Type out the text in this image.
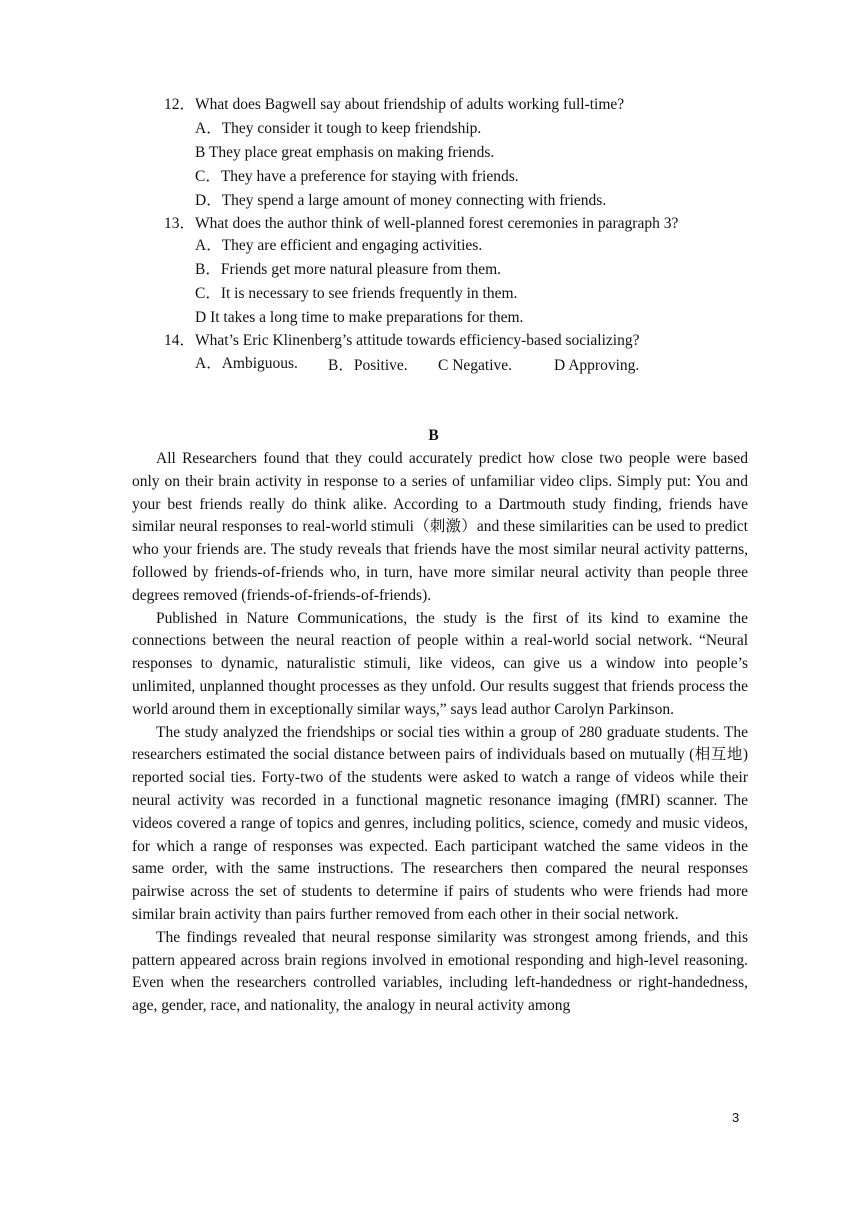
12．What does Bagwell say about friendship of adults working full-time?
A．They consider it tough to keep friendship.
B They place great emphasis on making friends.
C．They have a preference for staying with friends.
D．They spend a large amount of money connecting with friends.
13．What does the author think of well-planned forest ceremonies in paragraph 3?
A．They are efficient and engaging activities.
B．Friends get more natural pleasure from them.
C．It is necessary to see friends frequently in them.
D It takes a long time to make preparations for them.
14．What’s Eric Klinenberg’s attitude towards efficiency-based socializing?
A．Ambiguous. B．Positive. C Negative.	D Approving.
B

All Researchers found that they could accurately predict how close two people were based only on their brain activity in response to a series of unfamiliar video clips. Simply put: You and your best friends really do think alike. According to a Dartmouth study finding, friends have similar neural responses to real-world stimuli（刺激）and these similarities can be used to predict who your friends are. The study reveals that friends have the most similar neural activity patterns, followed by friends-of-friends who, in turn, have more similar neural activity than people three degrees removed (friends-of-friends-of-friends).

Published in Nature Communications, the study is the first of its kind to examine the connections between the neural reaction of people within a real-world social network. “Neural responses to dynamic, naturalistic stimuli, like videos, can give us a window into people’s unlimited, unplanned thought processes as they unfold. Our results suggest that friends process the world around them in exceptionally similar ways,” says lead author Carolyn Parkinson.

The study analyzed the friendships or social ties within a group of 280 graduate students. The researchers estimated the social distance between pairs of individuals based on mutually (相互地) reported social ties. Forty-two of the students were asked to watch a range of videos while their neural activity was recorded in a functional magnetic resonance imaging (fMRI) scanner. The videos covered a range of topics and genres, including politics, science, comedy and music videos, for which a range of responses was expected. Each participant watched the same videos in the same order, with the same instructions. The researchers then compared the neural responses pairwise across the set of students to determine if pairs of students who were friends had more similar brain activity than pairs further removed from each other in their social network.

The findings revealed that neural response similarity was strongest among friends, and this pattern appeared across brain regions involved in emotional responding and high-level reasoning. Even when the researchers controlled variables, including left-handedness or right-handedness, age, gender, race, and nationality, the analogy in neural activity among

3
